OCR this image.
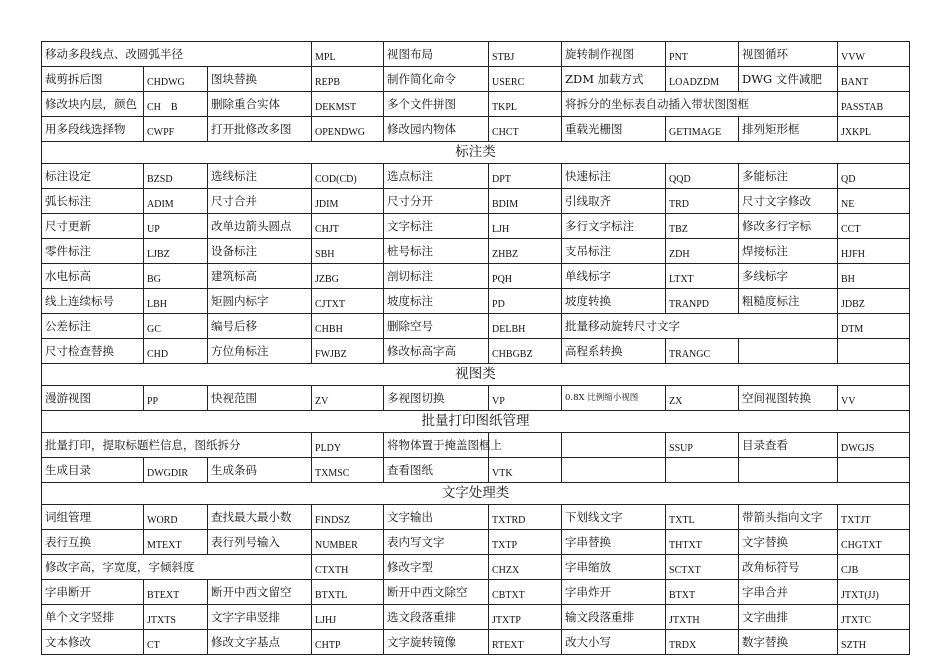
移动多段线点、改圆弧半径			MPL	视图布局	STBJ	旋转制作视图	PNT	视图循环	VVW
裁剪拆后图	CHDWG	图块替换	REPB	制作简化命令	USERC	ZDM 加载方式	LOADZDM	DWG 文件减肥	BANT
修改块内层，颜色	CH　B	删除重合实体	DEKMST	多个文件拼图	TKPL	将拆分的坐标表自动插入带状图图框			PASSTAB
用多段线选择物	CWPF	打开批修改多图	OPENDWG	修改园内物体	CHCT	重载光栅图	GETIMAGE	排列矩形框	JXKPL
标注类									
标注设定	BZSD	选线标注	COD(CD)	选点标注	DPT	快速标注	QQD	多能标注	QD
弧长标注	ADIM	尺寸合并	JDIM	尺寸分开	BDIM	引线取齐	TRD	尺寸文字修改	NE
尺寸更新	UP	改单边箭头圆点	CHJT	文字标注	LJH	多行文字标注	TBZ	修改多行字标	CCT
零件标注	LJBZ	设备标注	SBH	桩号标注	ZHBZ	支吊标注	ZDH	焊接标注	HJFH
水电标高	BG	建筑标高	JZBG	剖切标注	PQH	单线标字	LTXT	多线标字	BH
线上连续标号	LBH	矩圆内标字	CJTXT	坡度标注	PD	坡度转换	TRANPD	粗糙度标注	JDBZ
公差标注	GC	编号后移	CHBH	删除空号	DELBH	批量移动旋转尺寸文字			DTM
尺寸检查替换	CHD	方位角标注	FWJBZ	修改标高字高	CHBGBZ	高程系转换	TRANGC		
视图类									
漫游视图	PP	快视范围	ZV	多视图切换	VP	0.8X 比例缩小视图	ZX	空间视图转换	VV
批量打印图纸管理									
批量打印，提取标题栏信息，图纸拆分			PLDY	将物体置于掩盖图框上			SSUP	目录查看	DWGJS
生成目录	DWGDIR	生成条码	TXMSC	查看图纸	VTK				
文字处理类									
词组管理	WORD	查找最大最小数	FINDSZ	文字输出	TXTRD	下划线文字	TXTL	带箭头指向文字	TXTJT
表行互换	MTEXT	表行列号输入	NUMBER	表内写文字	TXTP	字串替换	THTXT	文字替换	CHGTXT
修改字高，字宽度，字倾斜度			CTXTH	修改字型	CHZX	字串缩放	SCTXT	改角标符号	CJB
字串断开	BTEXT	断开中西文留空	BTXTL	断开中西文除空	CBTXT	字串炸开	BTXT	字串合并	JTXT(JJ)
单个文字竖排	JTXTS	文字字串竖排	LJHJ	选文段落重排	JTXTP	输文段落重排	JTXTH	文字曲排	JTXTC
文本修改	CT	修改文字基点	CHTP	文字旋转镜像	RTEXT	改大小写	TRDX	数字替换	SZTH
